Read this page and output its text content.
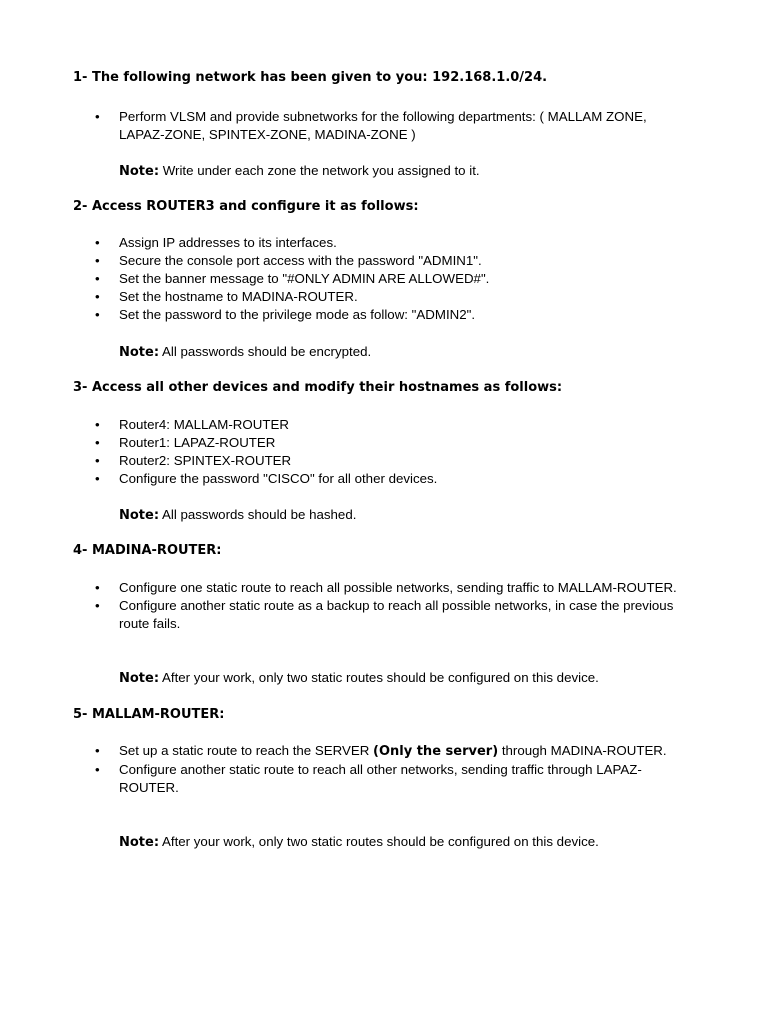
1- The following network has been given to you: 192.168.1.0/24.

• Perform VLSM and provide subnetworks for the following departments: ( MALLAM ZONE, LAPAZ-ZONE, SPINTEX-ZONE, MADINA-ZONE )

Note: Write under each zone the network you assigned to it.

2- Access ROUTER3 and configure it as follows:

• Assign IP addresses to its interfaces.
• Secure the console port access with the password "ADMIN1".
• Set the banner message to "#ONLY ADMIN ARE ALLOWED#".
• Set the hostname to MADINA-ROUTER.
• Set the password to the privilege mode as follow: "ADMIN2".

Note: All passwords should be encrypted.

3- Access all other devices and modify their hostnames as follows:

• Router4: MALLAM-ROUTER
• Router1: LAPAZ-ROUTER
• Router2: SPINTEX-ROUTER
• Configure the password "CISCO" for all other devices.

Note: All passwords should be hashed.

4- MADINA-ROUTER:

• Configure one static route to reach all possible networks, sending traffic to MALLAM-ROUTER.
• Configure another static route as a backup to reach all possible networks, in case the previous route fails.

Note: After your work, only two static routes should be configured on this device.

5- MALLAM-ROUTER:

• Set up a static route to reach the SERVER (Only the server) through MADINA-ROUTER.
• Configure another static route to reach all other networks, sending traffic through LAPAZ-ROUTER.

Note: After your work, only two static routes should be configured on this device.
